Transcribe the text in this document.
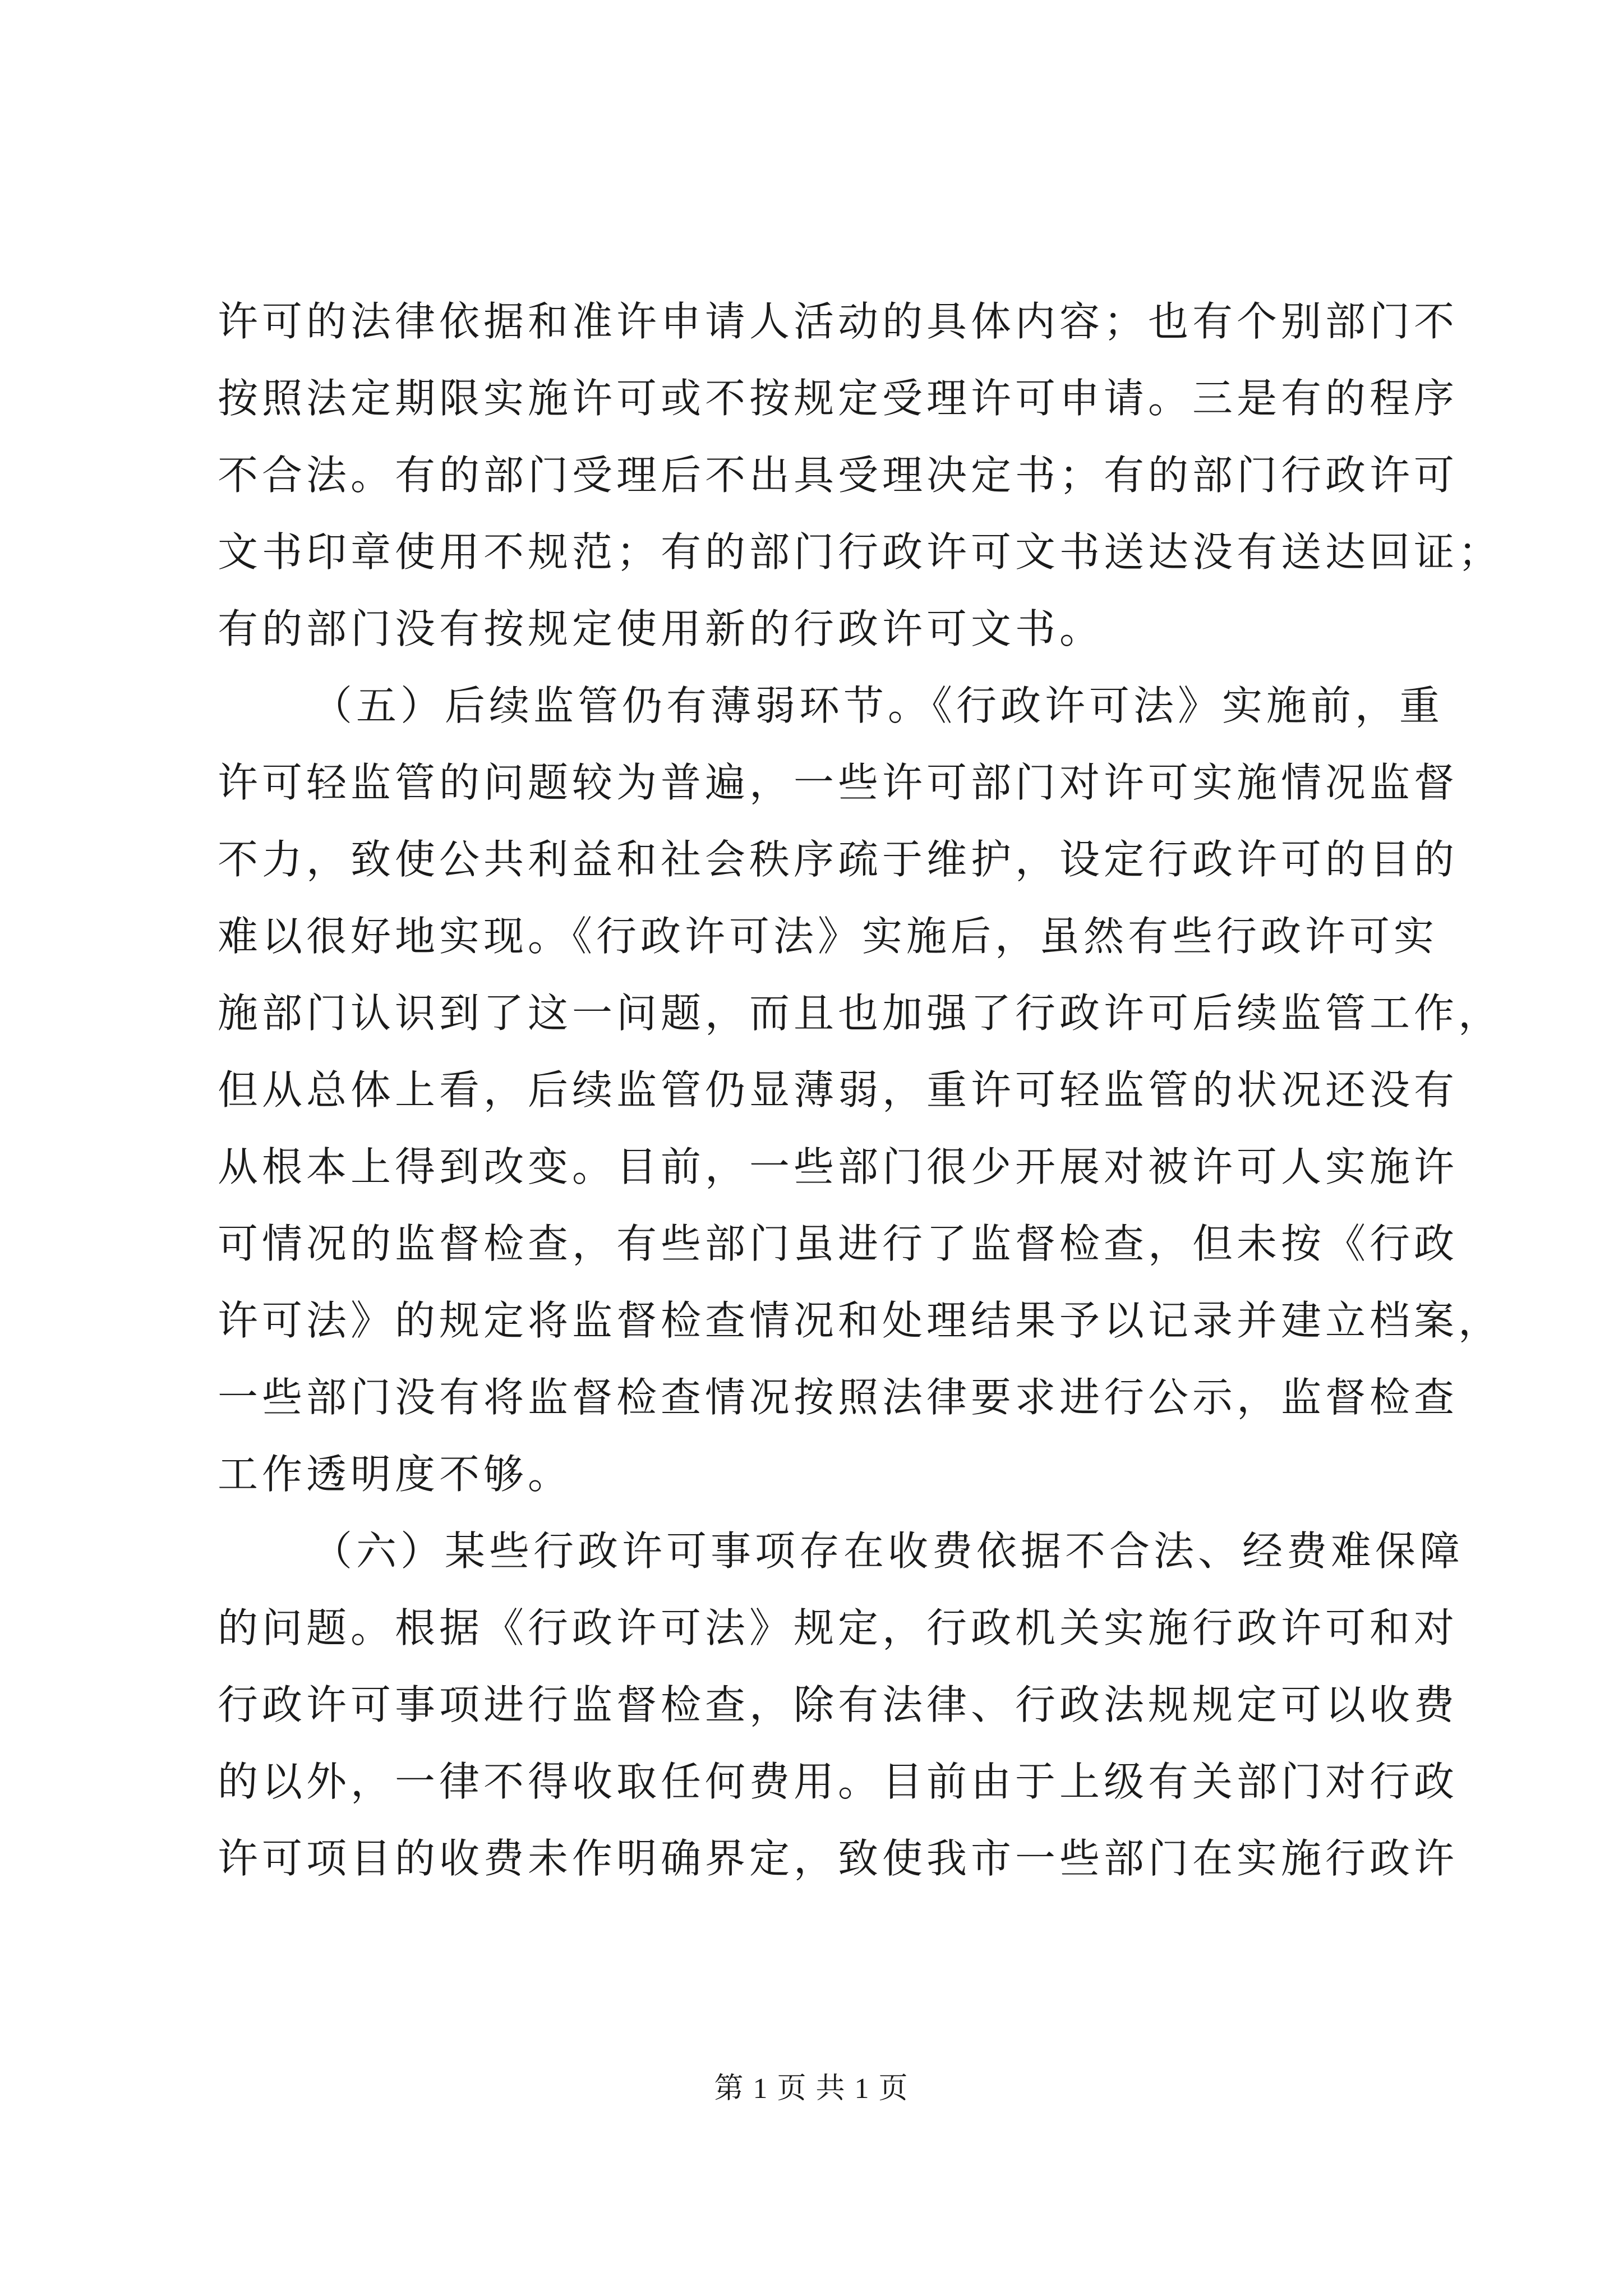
许可的法律依据和准许申请人活动的具体内容；也有个别部门不
按照法定期限实施许可或不按规定受理许可申请。三是有的程序
不合法。有的部门受理后不出具受理决定书；有的部门行政许可
文书印章使用不规范；有的部门行政许可文书送达没有送达回证；
有的部门没有按规定使用新的行政许可文书。
（五）后续监管仍有薄弱环节。《行政许可法》实施前，重
许可轻监管的问题较为普遍，一些许可部门对许可实施情况监督
不力，致使公共利益和社会秩序疏于维护，设定行政许可的目的
难以很好地实现。《行政许可法》实施后，虽然有些行政许可实
施部门认识到了这一问题，而且也加强了行政许可后续监管工作，
但从总体上看，后续监管仍显薄弱，重许可轻监管的状况还没有
从根本上得到改变。目前，一些部门很少开展对被许可人实施许
可情况的监督检查，有些部门虽进行了监督检查，但未按《行政
许可法》的规定将监督检查情况和处理结果予以记录并建立档案，
一些部门没有将监督检查情况按照法律要求进行公示，监督检查
工作透明度不够。
（六）某些行政许可事项存在收费依据不合法、经费难保障
的问题。根据《行政许可法》规定，行政机关实施行政许可和对
行政许可事项进行监督检查，除有法律、行政法规规定可以收费
的以外，一律不得收取任何费用。目前由于上级有关部门对行政
许可项目的收费未作明确界定，致使我市一些部门在实施行政许
第 1 页 共 1 页
